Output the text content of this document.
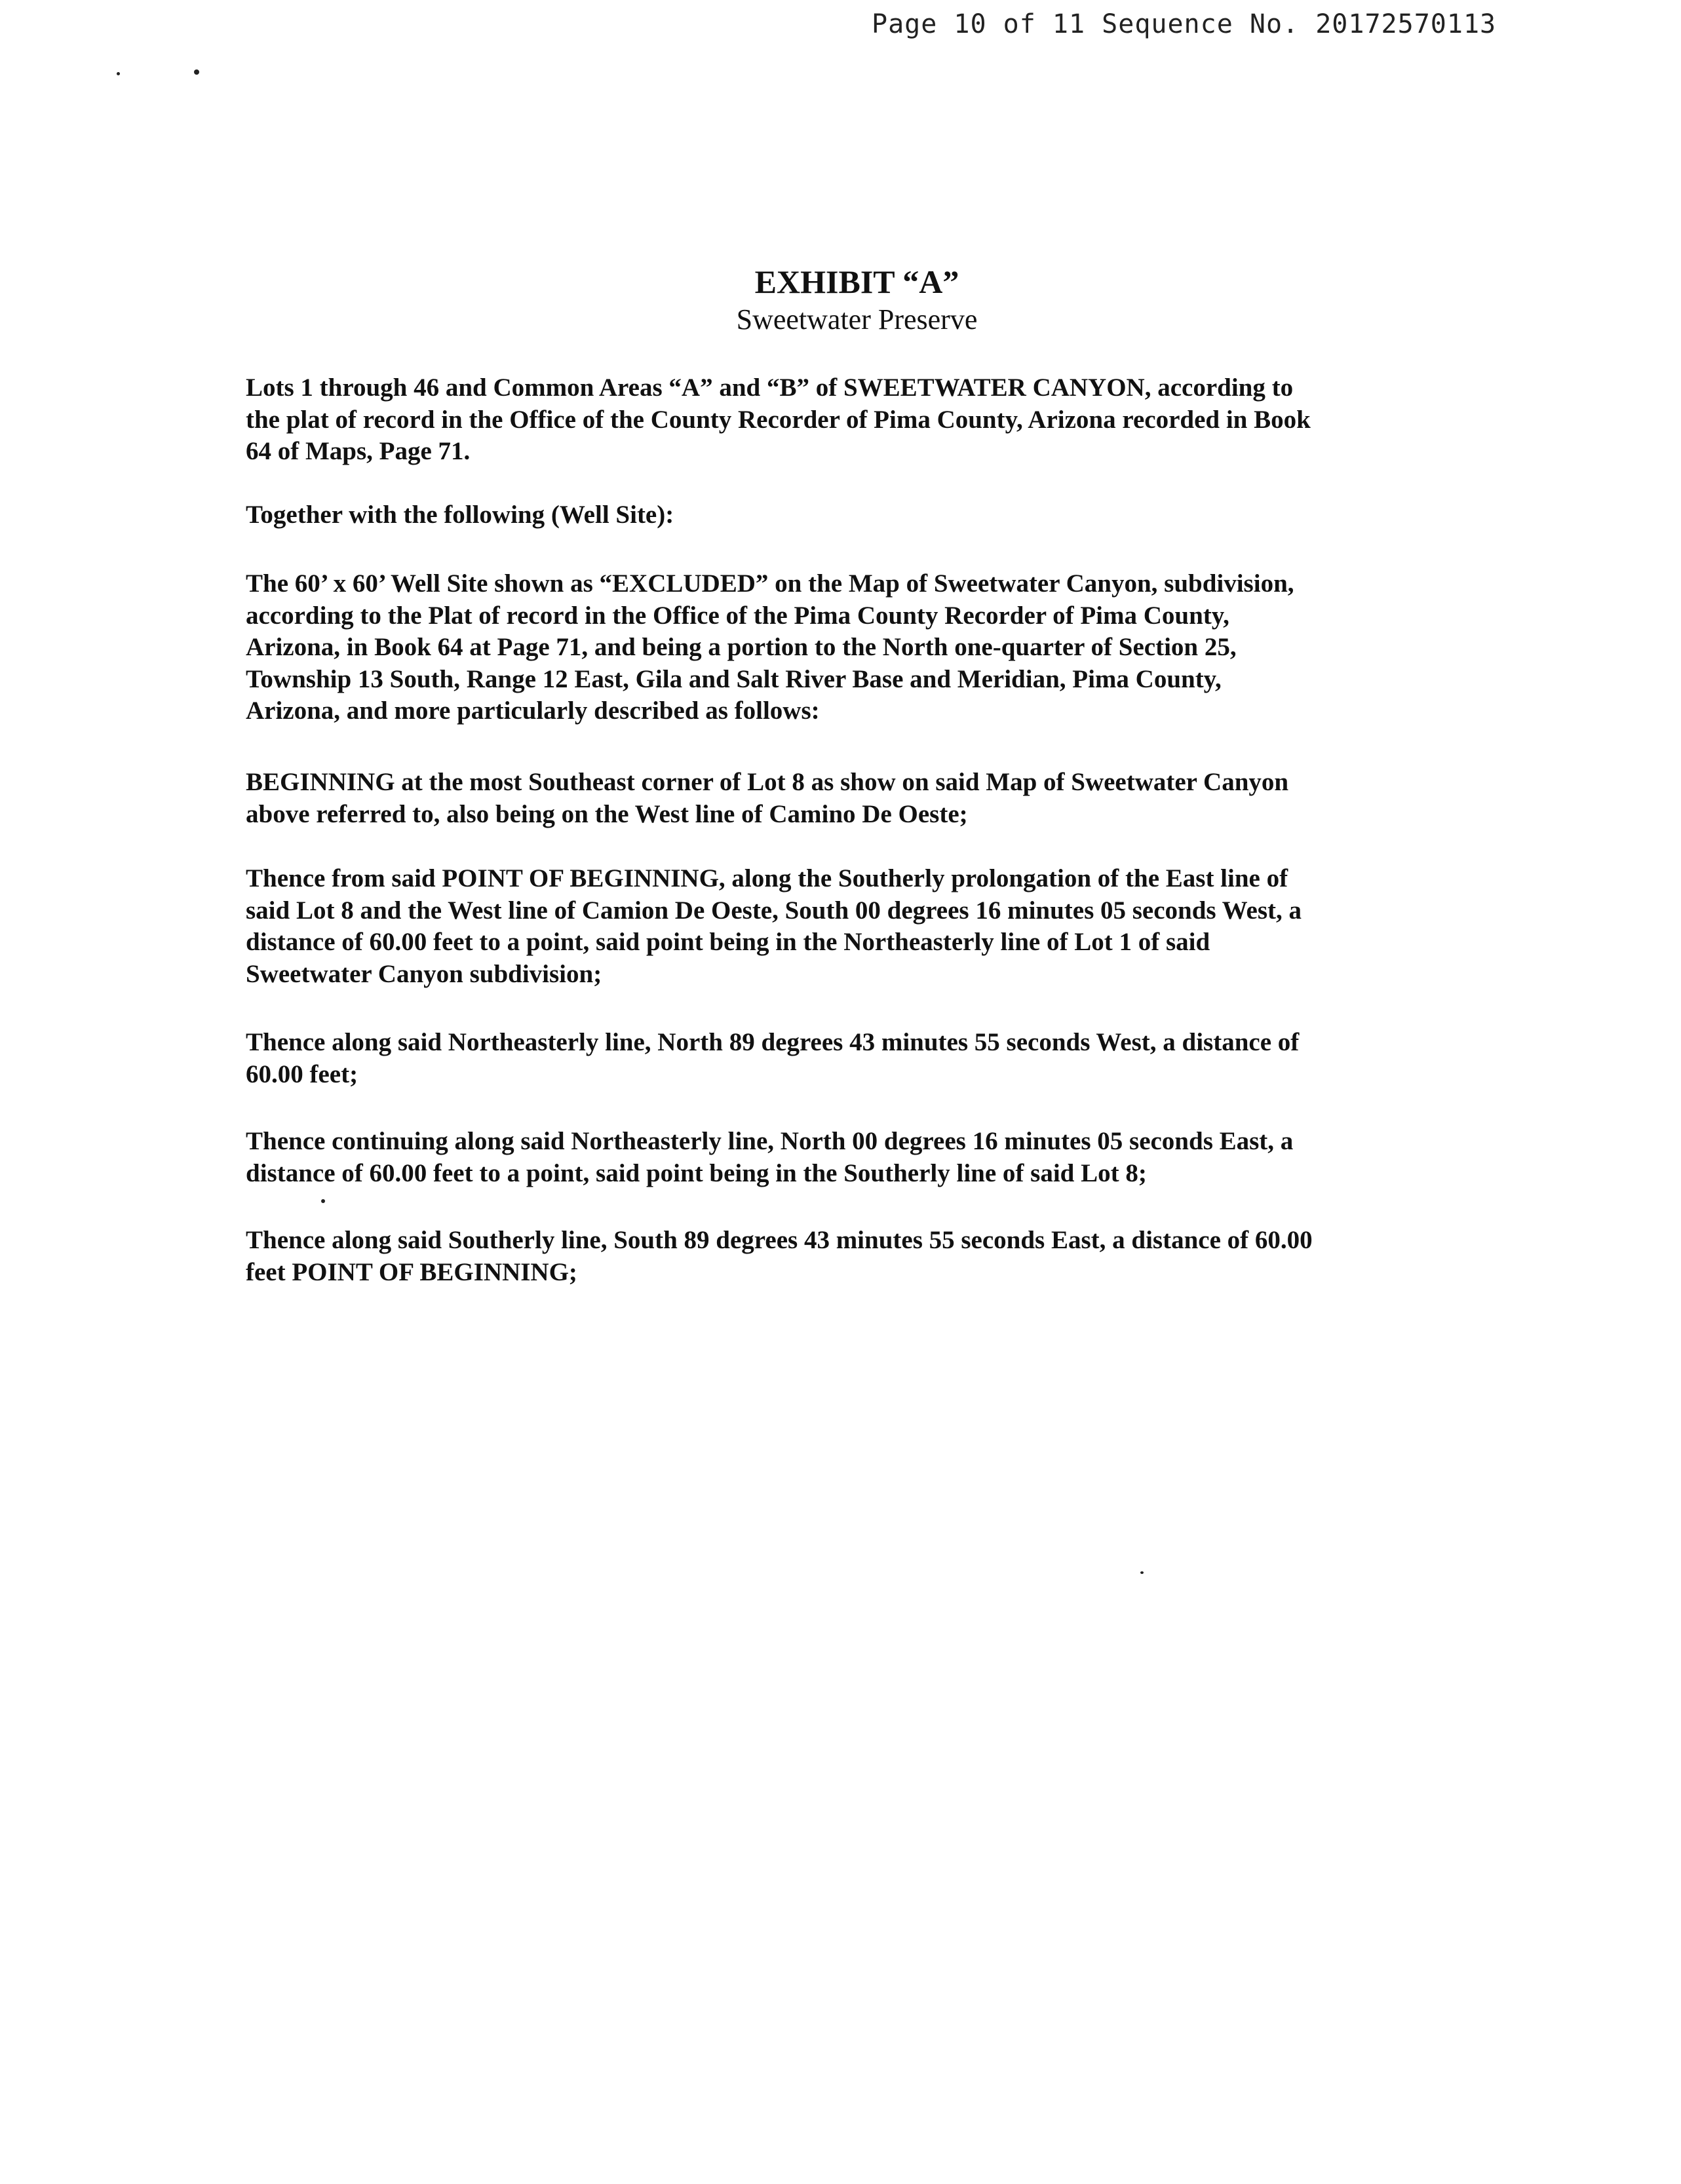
Page 10 of 11 Sequence No. 20172570113

EXHIBIT “A”

Sweetwater Preserve

Lots 1 through 46 and Common Areas “A” and “B” of SWEETWATER CANYON, according to
the plat of record in the Office of the County Recorder of Pima County, Arizona recorded in Book
64 of Maps, Page 71.
Together with the following (Well Site):
The 60’ x 60’ Well Site shown as “EXCLUDED” on the Map of Sweetwater Canyon, subdivision,
according to the Plat of record in the Office of the Pima County Recorder of Pima County,
Arizona, in Book 64 at Page 71, and being a portion to the North one-quarter of Section 25,
Township 13 South, Range 12 East, Gila and Salt River Base and Meridian, Pima County,
Arizona, and more particularly described as follows:
BEGINNING at the most Southeast corner of Lot 8 as show on said Map of Sweetwater Canyon
above referred to, also being on the West line of Camino De Oeste;
Thence from said POINT OF BEGINNING, along the Southerly prolongation of the East line of
said Lot 8 and the West line of Camion De Oeste, South 00 degrees 16 minutes 05 seconds West, a
distance of 60.00 feet to a point, said point being in the Northeasterly line of Lot 1 of said
Sweetwater Canyon subdivision;
Thence along said Northeasterly line, North 89 degrees 43 minutes 55 seconds West, a distance of
60.00 feet;
Thence continuing along said Northeasterly line, North 00 degrees 16 minutes 05 seconds East, a
distance of 60.00 feet to a point, said point being in the Southerly line of said Lot 8;
Thence along said Southerly line, South 89 degrees 43 minutes 55 seconds East, a distance of 60.00
feet POINT OF BEGINNING;
